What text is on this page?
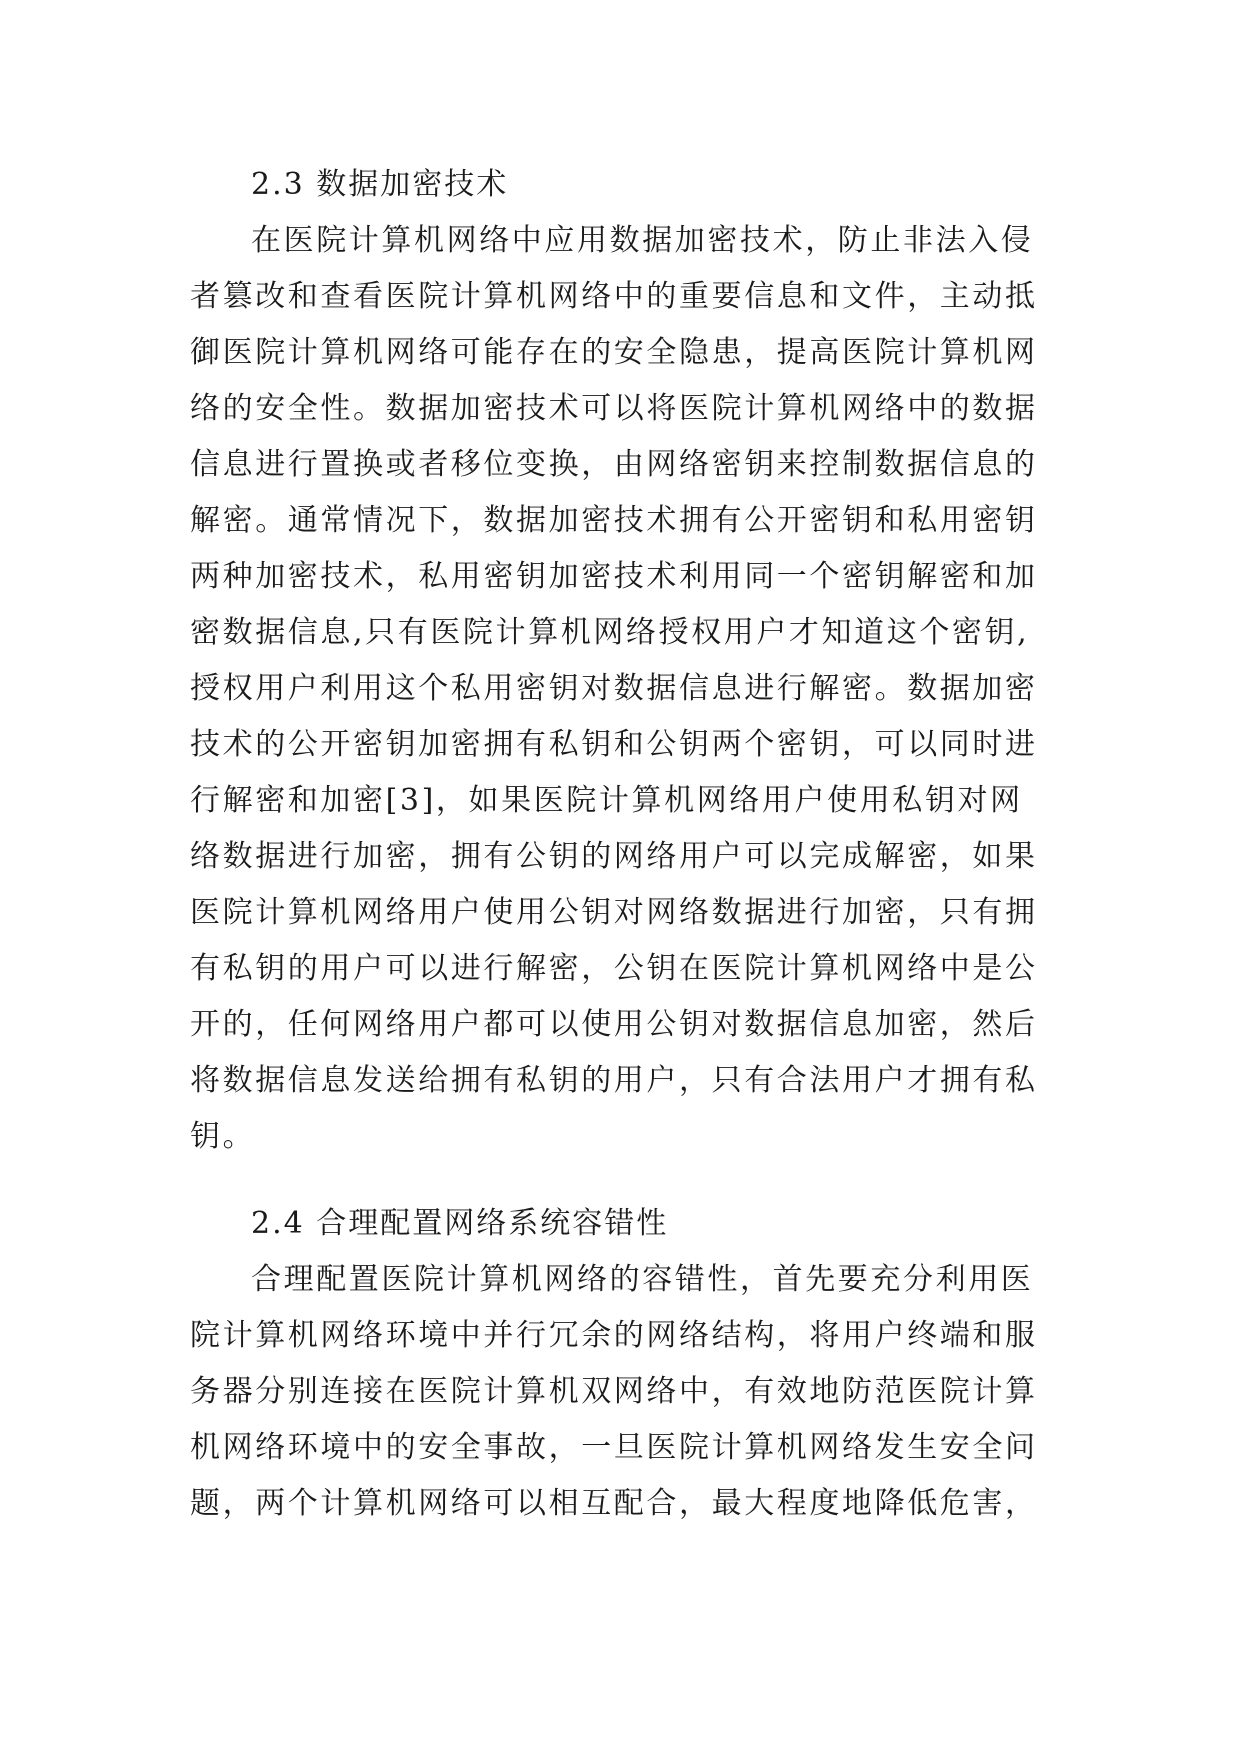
2.3 数据加密技术
在医院计算机网络中应用数据加密技术，防止非法入侵
者篡改和查看医院计算机网络中的重要信息和文件，主动抵
御医院计算机网络可能存在的安全隐患，提高医院计算机网
络的安全性。数据加密技术可以将医院计算机网络中的数据
信息进行置换或者移位变换，由网络密钥来控制数据信息的
解密。通常情况下，数据加密技术拥有公开密钥和私用密钥
两种加密技术，私用密钥加密技术利用同一个密钥解密和加
密数据信息,只有医院计算机网络授权用户才知道这个密钥,
授权用户利用这个私用密钥对数据信息进行解密。数据加密
技术的公开密钥加密拥有私钥和公钥两个密钥，可以同时进
行解密和加密[3]，如果医院计算机网络用户使用私钥对网
络数据进行加密，拥有公钥的网络用户可以完成解密，如果
医院计算机网络用户使用公钥对网络数据进行加密，只有拥
有私钥的用户可以进行解密，公钥在医院计算机网络中是公
开的，任何网络用户都可以使用公钥对数据信息加密，然后
将数据信息发送给拥有私钥的用户，只有合法用户才拥有私
钥。
2.4 合理配置网络系统容错性
合理配置医院计算机网络的容错性，首先要充分利用医
院计算机网络环境中并行冗余的网络结构，将用户终端和服
务器分别连接在医院计算机双网络中，有效地防范医院计算
机网络环境中的安全事故，一旦医院计算机网络发生安全问
题，两个计算机网络可以相互配合，最大程度地降低危害，
